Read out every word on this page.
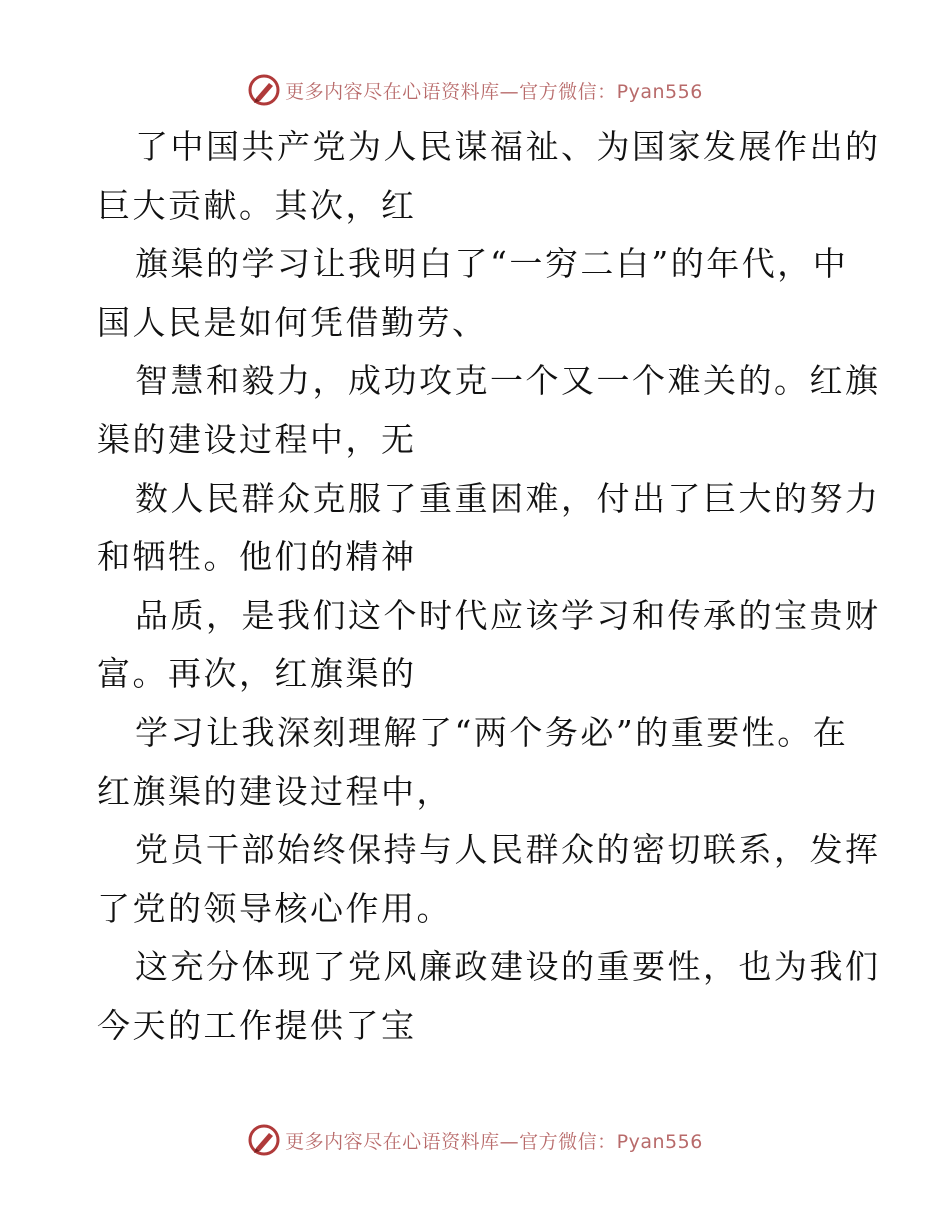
更多内容尽在心语资料库—官方微信：Pyan556

了中国共产党为人民谋福祉、为国家发展作出的
巨大贡献。其次，红

旗渠的学习让我明白了“一穷二白”的年代，中
国人民是如何凭借勤劳、

智慧和毅力，成功攻克一个又一个难关的。红旗
渠的建设过程中，无

数人民群众克服了重重困难，付出了巨大的努力
和牺牲。他们的精神

品质，是我们这个时代应该学习和传承的宝贵财
富。再次，红旗渠的

学习让我深刻理解了“两个务必”的重要性。在
红旗渠的建设过程中，

党员干部始终保持与人民群众的密切联系，发挥
了党的领导核心作用。

这充分体现了党风廉政建设的重要性，也为我们
今天的工作提供了宝

更多内容尽在心语资料库—官方微信：Pyan556
